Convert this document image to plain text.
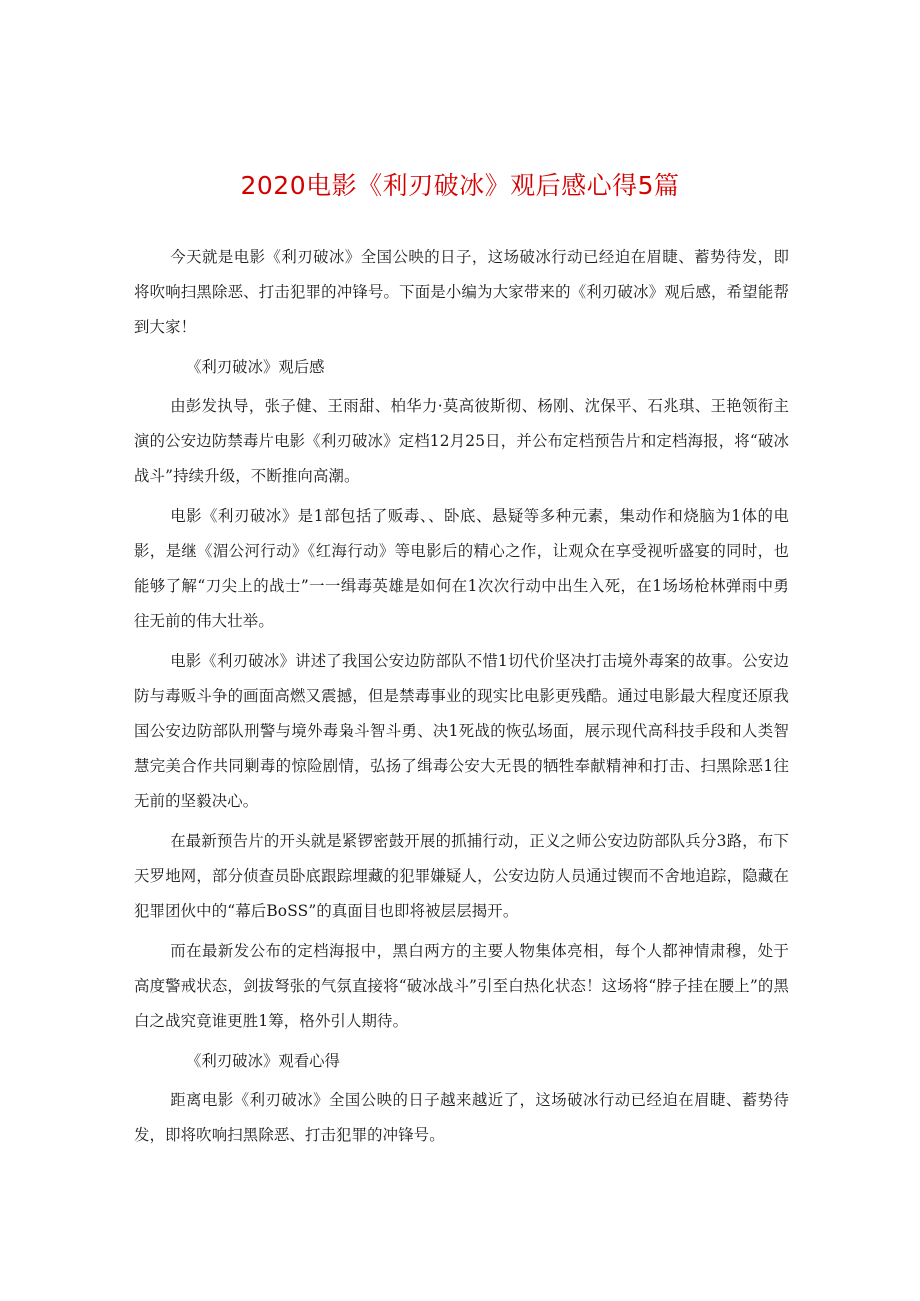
2020电影《利刃破冰》观后感心得5篇

今天就是电影《利刃破冰》全国公映的日子，这场破冰行动已经迫在眉睫、蓄势待发，即将吹响扫黑除恶、打击犯罪的冲锋号。下面是小编为大家带来的《利刃破冰》观后感，希望能帮到大家！

《利刃破冰》观后感

由彭发执导，张子健、王雨甜、柏华力·莫高彼斯彻、杨刚、沈保平、石兆琪、王艳领衔主演的公安边防禁毒片电影《利刃破冰》定档12月25日，并公布定档预告片和定档海报，将“破冰战斗”持续升级，不断推向高潮。

电影《利刃破冰》是1部包括了贩毒、、卧底、悬疑等多种元素，集动作和烧脑为1体的电影，是继《湄公河行动》《红海行动》等电影后的精心之作，让观众在享受视听盛宴的同时，也能够了解“刀尖上的战士”一一缉毒英雄是如何在1次次行动中出生入死，在1场场枪林弹雨中勇往无前的伟大壮举。

电影《利刃破冰》讲述了我国公安边防部队不惜1切代价坚决打击境外毒案的故事。公安边防与毒贩斗争的画面高燃又震撼，但是禁毒事业的现实比电影更残酷。通过电影最大程度还原我国公安边防部队刑警与境外毒枭斗智斗勇、决1死战的恢弘场面，展示现代高科技手段和人类智慧完美合作共同剿毒的惊险剧情，弘扬了缉毒公安大无畏的牺牲奉献精神和打击、扫黑除恶1往无前的坚毅决心。

在最新预告片的开头就是紧锣密鼓开展的抓捕行动，正义之师公安边防部队兵分3路，布下天罗地网，部分侦查员卧底跟踪埋藏的犯罪嫌疑人，公安边防人员通过锲而不舍地追踪，隐藏在犯罪团伙中的“幕后BoSS”的真面目也即将被层层揭开。

而在最新发公布的定档海报中，黑白两方的主要人物集体亮相，每个人都神情肃穆，处于高度警戒状态，剑拔弩张的气氛直接将“破冰战斗”引至白热化状态！这场将“脖子挂在腰上”的黑白之战究竟谁更胜1筹，格外引人期待。

《利刃破冰》观看心得

距离电影《利刃破冰》全国公映的日子越来越近了，这场破冰行动已经迫在眉睫、蓄势待发，即将吹响扫黑除恶、打击犯罪的冲锋号。
